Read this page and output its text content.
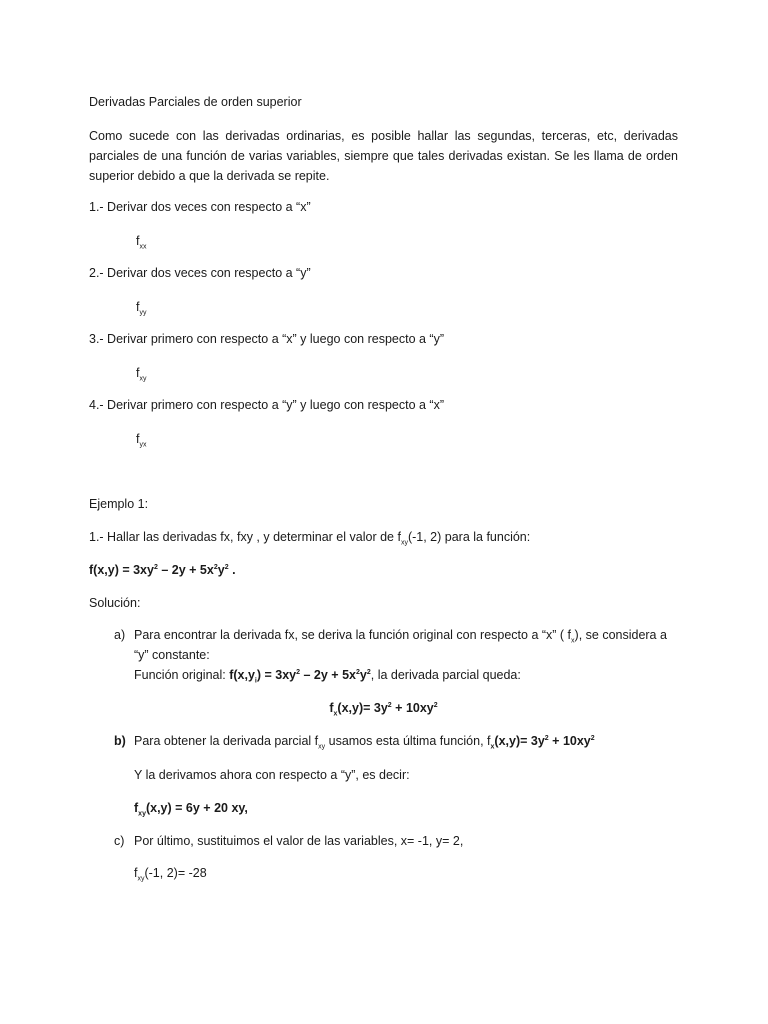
Derivadas Parciales de orden superior
Como sucede con las derivadas ordinarias, es posible hallar las segundas, terceras, etc, derivadas
parciales de una función de varias variables, siempre que tales derivadas existan. Se les llama de orden
superior debido a que la derivada se repite.
1.- Derivar dos veces con respecto a “x”
$f_{xx}$
2.- Derivar dos veces con respecto a “y”
$f_{yy}$
3.- Derivar primero con respecto a “x” y luego con respecto a “y”
$f_{xy}$
4.- Derivar primero con respecto a “y” y luego con respecto a “x”
$f_{yx}$
Ejemplo 1:
1.- Hallar las derivadas fx, fxy , y determinar el valor de $f_{xy}(-1$, 2) para la función:
$f(x,y) = 3xy^2 - 2y + 5x^2y^2$ .
Solución:
a) Para encontrar la derivada fx, se deriva la función original con respecto a “x” ( $f_x$), se considera a
“y” constante:
Función original: $f(x,y_i) = 3xy^2 - 2y + 5x^2y^2$, la derivada parcial queda:
$f_x(x,y)= 3y^2 + 10xy^2$
b) Para obtener la derivada parcial $f_{xy}$ usamos esta última función, $f_x(x,y)= 3y^2 + 10xy^2$
Y la derivamos ahora con respecto a “y”, es decir:
$f_{xy}(x,y) = 6y + 20$ xy,
c) Por último, sustituimos el valor de las variables, x= -1, y= 2,
$f_{xy}(-1$, 2)= -28
